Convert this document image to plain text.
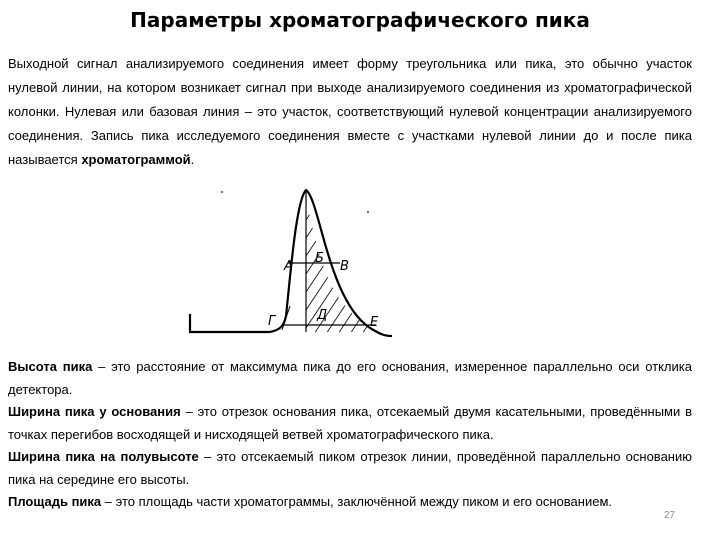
Параметры хроматографического пика

Выходной сигнал анализируемого соединения имеет форму треугольника или пика, это обычно участок нулевой линии, на котором возникает сигнал при выходе анализируемого соединения из хроматографической колонки. Нулевая или базовая линия – это участок, соответствующий нулевой концентрации анализируемого соединения. Запись пика исследуемого соединения вместе с участками нулевой линии до и после пика называется хроматограммой.

А
Б
В
Г	Д	Е

Высота пика – это расстояние от максимума пика до его основания, измеренное параллельно оси отклика детектора.

Ширина пика у основания – это отрезок основания пика, отсекаемый двумя касательными, проведёнными в точках перегибов восходящей и нисходящей ветвей хроматографического пика.

Ширина пика на полувысоте – это отсекаемый пиком отрезок линии, проведённой параллельно основанию пика на середине его высоты.

Площадь пика – это площадь части хроматограммы, заключённой между пиком и его основанием.

27
